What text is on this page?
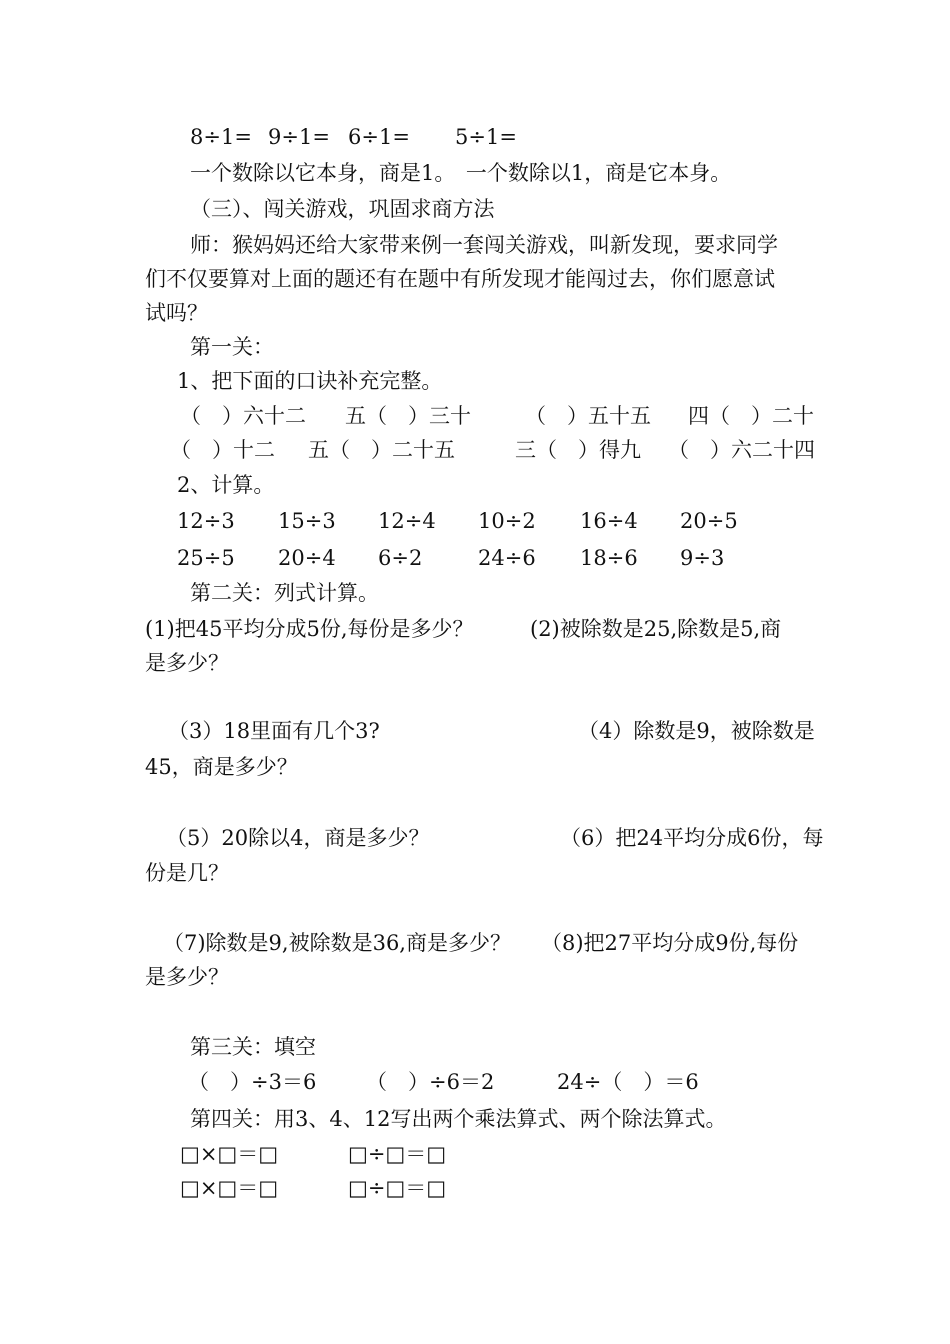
8÷1= 9÷1= 6÷1= 5÷1=
一个数除以它本身，商是1。　一个数除以1，商是它本身。
（三）、闯关游戏，巩固求商方法
师：猴妈妈还给大家带来例一套闯关游戏，叫新发现，要求同学
们不仅要算对上面的题还有在题中有所发现才能闯过去，你们愿意试
试吗？
第一关：
1、把下面的口诀补充完整。
（　）六十二 五（　）三十	（　）五十五 四（　）二十
（　）十二 五（　）二十五	三（　）得九 （　）六二十四
2、计算。
12÷3 15÷3 12÷4 10÷2 16÷4 20÷5
25÷5 20÷4 6÷2	24÷6 18÷6 9÷3
第二关：列式计算。
(1)把45平均分成5份,每份是多少？	(2)被除数是25,除数是5,商
是多少？
（3）18里面有几个3?	（4）除数是9，被除数是
45，商是多少？
（5）20除以4，商是多少？	（6）把24平均分成6份，每
份是几？
（7)除数是9,被除数是36,商是多少？ （8)把27平均分成9份,每份
是多少？
第三关：填空
（　）÷3＝6 （　）÷6＝2	24÷（　）＝6
第四关：用3、4、12写出两个乘法算式、两个除法算式。
□×□＝□	□÷□＝□
□×□＝□	□÷□＝□
